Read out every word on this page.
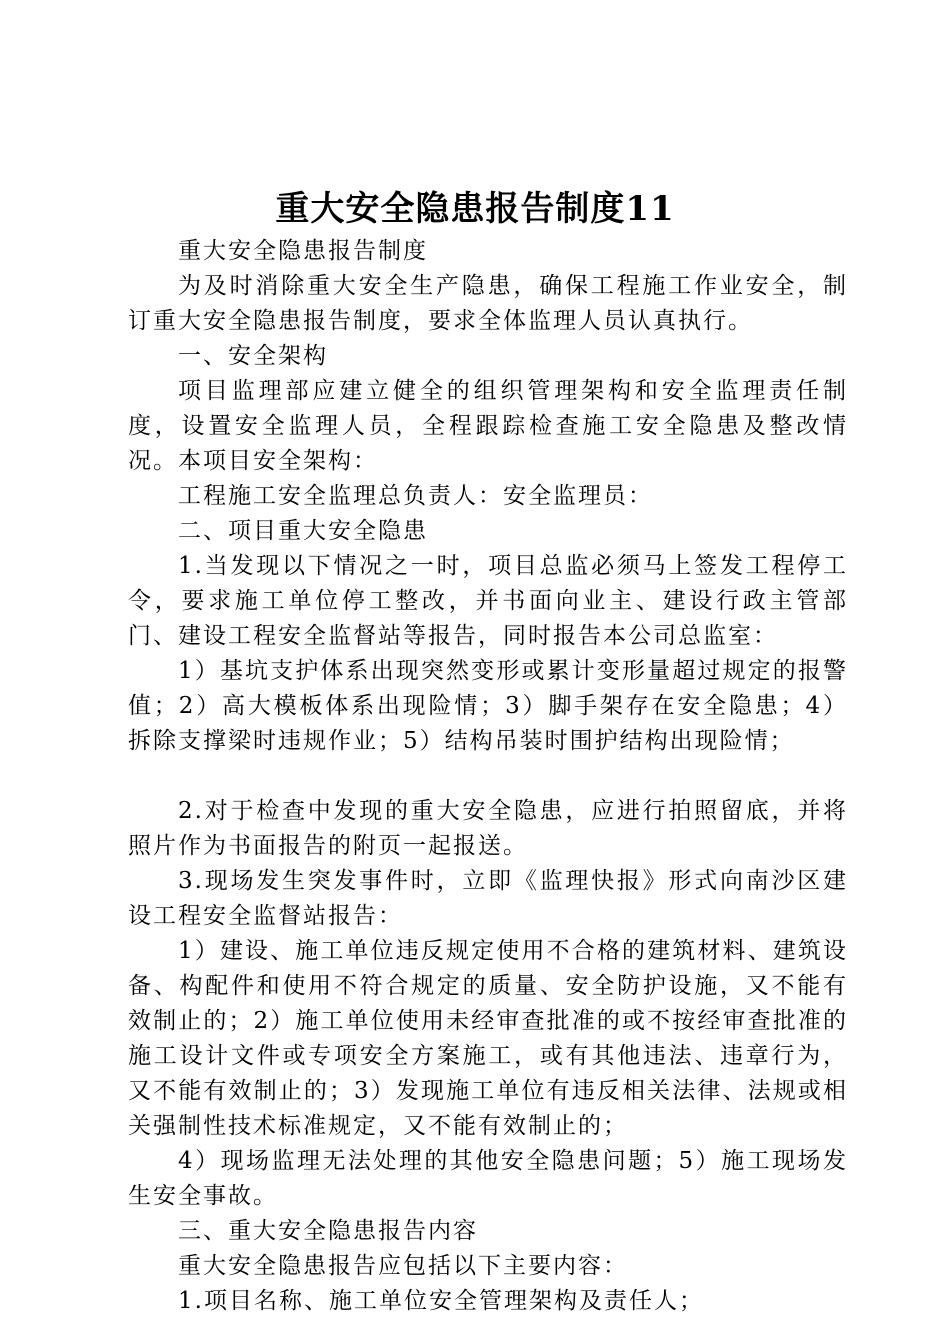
重大安全隐患报告制度11

重大安全隐患报告制度

为及时消除重大安全生产隐患，确保工程施工作业安全，制订重大安全隐患报告制度，要求全体监理人员认真执行。

一、安全架构

项目监理部应建立健全的组织管理架构和安全监理责任制度，设置安全监理人员，全程跟踪检查施工安全隐患及整改情况。本项目安全架构：

工程施工安全监理总负责人：安全监理员：

二、项目重大安全隐患

1.当发现以下情况之一时，项目总监必须马上签发工程停工令，要求施工单位停工整改，并书面向业主、建设行政主管部门、建设工程安全监督站等报告，同时报告本公司总监室：

1）基坑支护体系出现突然变形或累计变形量超过规定的报警值；2）高大模板体系出现险情；3）脚手架存在安全隐患；4）拆除支撑梁时违规作业；5）结构吊装时围护结构出现险情；

2.对于检查中发现的重大安全隐患，应进行拍照留底，并将照片作为书面报告的附页一起报送。

3.现场发生突发事件时，立即《监理快报》形式向南沙区建设工程安全监督站报告：

1）建设、施工单位违反规定使用不合格的建筑材料、建筑设备、构配件和使用不符合规定的质量、安全防护设施，又不能有效制止的；2）施工单位使用未经审查批准的或不按经审查批准的施工设计文件或专项安全方案施工，或有其他违法、违章行为，又不能有效制止的；3）发现施工单位有违反相关法律、法规或相关强制性技术标准规定，又不能有效制止的；

4）现场监理无法处理的其他安全隐患问题；5）施工现场发生安全事故。

三、重大安全隐患报告内容

重大安全隐患报告应包括以下主要内容：

1.项目名称、施工单位安全管理架构及责任人；
